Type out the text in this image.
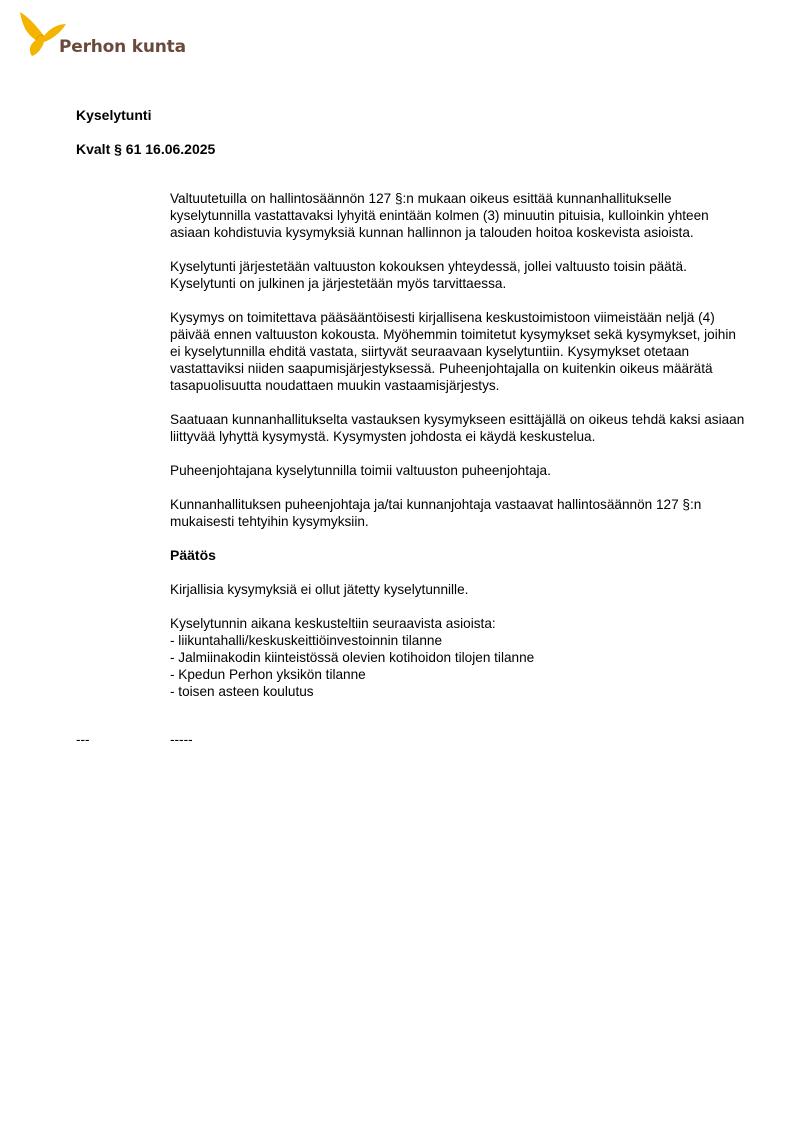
Perhon kunta
Kyselytunti
Kvalt § 61 16.06.2025

Valtuutetuilla on hallintosäännön 127 §:n mukaan oikeus esittää kunnanhallitukselle kyselytunnilla vastattavaksi lyhyitä enintään kolmen (3) minuutin pituisia, kulloinkin yhteen asiaan kohdistuvia kysymyksiä kunnan hallinnon ja talouden hoitoa koskevista asioista.

Kyselytunti järjestetään valtuuston kokouksen yhteydessä, jollei valtuusto toisin päätä. Kyselytunti on julkinen ja järjestetään myös tarvittaessa.

Kysymys on toimitettava pääsääntöisesti kirjallisena keskustoimistoon viimeistään neljä (4) päivää ennen valtuuston kokousta. Myöhemmin toimitetut kysymykset sekä kysymykset, joihin ei kyselytunnilla ehditä vastata, siirtyvät seuraavaan kyselytuntiin. Kysymykset otetaan vastattaviksi niiden saapumisjärjestyksessä. Puheenjohtajalla on kuitenkin oikeus määrätä tasapuolisuutta noudattaen muukin vastaamisjärjestys.

Saatuaan kunnanhallitukselta vastauksen kysymykseen esittäjällä on oikeus tehdä kaksi asiaan liittyvää lyhyttä kysymystä. Kysymysten johdosta ei käydä keskustelua.

Puheenjohtajana kyselytunnilla toimii valtuuston puheenjohtaja.

Kunnanhallituksen puheenjohtaja ja/tai kunnanjohtaja vastaavat hallintosäännön 127 §:n mukaisesti tehtyihin kysymyksiin.

Päätös

Kirjallisia kysymyksiä ei ollut jätetty kyselytunnille.

Kyselytunnin aikana keskusteltiin seuraavista asioista:
- liikuntahalli/keskuskeittiöinvestoinnin tilanne
- Jalmiinakodin kiinteistössä olevien kotihoidon tilojen tilanne
- Kpedun Perhon yksikön tilanne
- toisen asteen koulutus
---	-----
